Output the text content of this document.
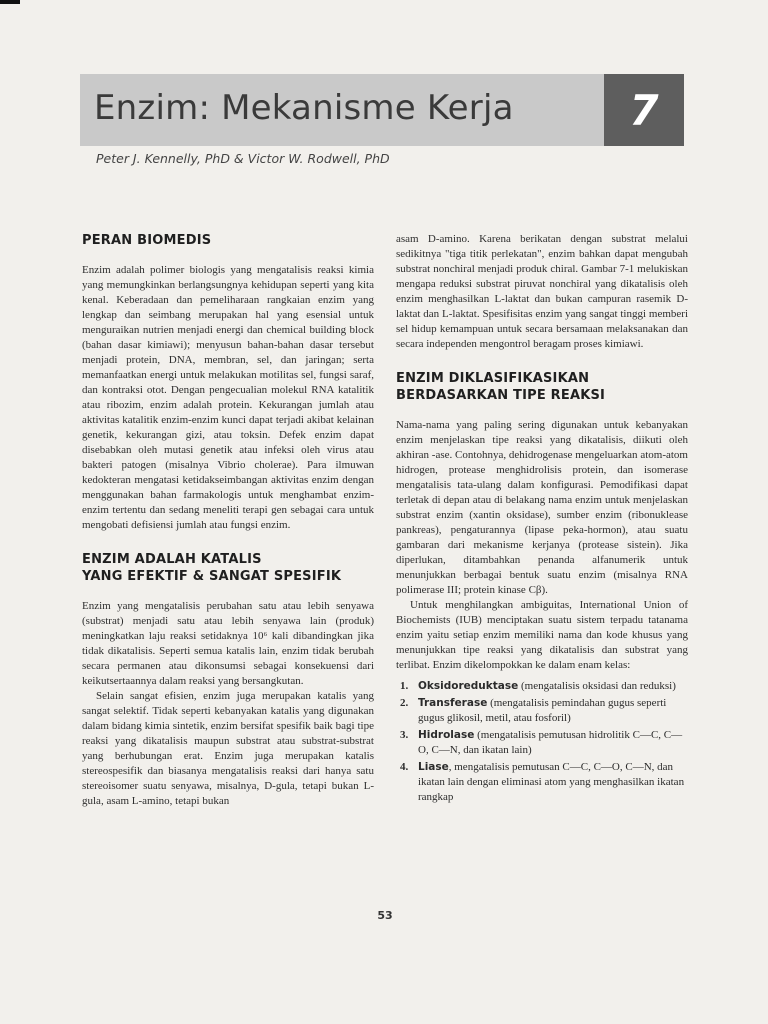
Enzim: Mekanisme Kerja	7
Peter J. Kennelly, PhD & Victor W. Rodwell, PhD
PERAN BIOMEDIS

Enzim adalah polimer biologis yang mengatalisis reaksi kimia yang memungkinkan berlangsungnya kehidupan seperti yang kita kenal. Keberadaan dan pemeliharaan rangkaian enzim yang lengkap dan seimbang merupakan hal yang esensial untuk menguraikan nutrien menjadi energi dan chemical building block (bahan dasar kimiawi); menyusun bahan-bahan dasar tersebut menjadi protein, DNA, membran, sel, dan jaringan; serta memanfaatkan energi untuk melakukan motilitas sel, fungsi saraf, dan kontraksi otot. Dengan pengecualian molekul RNA katalitik atau ribozim, enzim adalah protein. Kekurangan jumlah atau aktivitas katalitik enzim-enzim kunci dapat terjadi akibat kelainan genetik, kekurangan gizi, atau toksin. Defek enzim dapat disebabkan oleh mutasi genetik atau infeksi oleh virus atau bakteri patogen (misalnya Vibrio cholerae). Para ilmuwan kedokteran mengatasi ketidakseimbangan aktivitas enzim dengan menggunakan bahan farmakologis untuk menghambat enzim-enzim tertentu dan sedang meneliti terapi gen sebagai cara untuk mengobati defisiensi jumlah atau fungsi enzim.

ENZIM ADALAH KATALIS
YANG EFEKTIF & SANGAT SPESIFIK

Enzim yang mengatalisis perubahan satu atau lebih senyawa (substrat) menjadi satu atau lebih senyawa lain (produk) meningkatkan laju reaksi setidaknya 10⁶ kali dibandingkan jika tidak dikatalisis. Seperti semua katalis lain, enzim tidak berubah secara permanen atau dikonsumsi sebagai konsekuensi dari keikutsertaannya dalam reaksi yang bersangkutan.

Selain sangat efisien, enzim juga merupakan katalis yang sangat selektif. Tidak seperti kebanyakan katalis yang digunakan dalam bidang kimia sintetik, enzim bersifat spesifik baik bagi tipe reaksi yang dikatalisis maupun substrat atau substrat-substrat yang berhubungan erat. Enzim juga merupakan katalis stereospesifik dan biasanya mengatalisis reaksi dari hanya satu stereoisomer suatu senyawa, misalnya, D-gula, tetapi bukan L-gula, asam L-amino, tetapi bukan

asam D-amino. Karena berikatan dengan substrat melalui sedikitnya "tiga titik perlekatan", enzim bahkan dapat mengubah substrat nonchiral menjadi produk chiral. Gambar 7-1 melukiskan mengapa reduksi substrat piruvat nonchiral yang dikatalisis oleh enzim menghasilkan L-laktat dan bukan campuran rasemik D-laktat dan L-laktat. Spesifisitas enzim yang sangat tinggi memberi sel hidup kemampuan untuk secara bersamaan melaksanakan dan secara independen mengontrol beragam proses kimiawi.

ENZIM DIKLASIFIKASIKAN
BERDASARKAN TIPE REAKSI

Nama-nama yang paling sering digunakan untuk kebanyakan enzim menjelaskan tipe reaksi yang dikatalisis, diikuti oleh akhiran -ase. Contohnya, dehidrogenase mengeluarkan atom-atom hidrogen, protease menghidrolisis protein, dan isomerase mengatalisis tata-ulang dalam konfigurasi. Pemodifikasi dapat terletak di depan atau di belakang nama enzim untuk menjelaskan substrat enzim (xantin oksidase), sumber enzim (ribonuklease pankreas), pengaturannya (lipase peka-hormon), atau suatu gambaran dari mekanisme kerjanya (protease sistein). Jika diperlukan, ditambahkan penanda alfanumerik untuk menunjukkan berbagai bentuk suatu enzim (misalnya RNA polimerase III; protein kinase Cβ).

Untuk menghilangkan ambiguitas, International Union of Biochemists (IUB) menciptakan suatu sistem terpadu tatanama enzim yaitu setiap enzim memiliki nama dan kode khusus yang menunjukkan tipe reaksi yang dikatalisis dan substrat yang terlibat. Enzim dikelompokkan ke dalam enam kelas:

1. Oksidoreduktase (mengatalisis oksidasi dan reduksi)
2. Transferase (mengatalisis pemindahan gugus seperti gugus glikosil, metil, atau fosforil)
3. Hidrolase (mengatalisis pemutusan hidrolitik C—C, C—O, C—N, dan ikatan lain)
4. Liase, mengatalisis pemutusan C—C, C—O, C—N, dan ikatan lain dengan eliminasi atom yang menghasilkan ikatan rangkap
53
